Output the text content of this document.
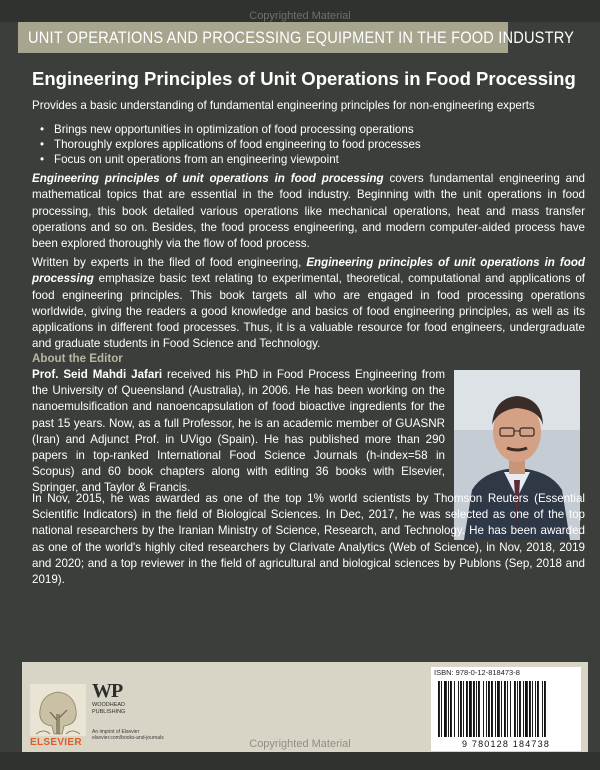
Copyrighted Material
UNIT OPERATIONS AND PROCESSING EQUIPMENT IN THE FOOD INDUSTRY
Engineering Principles of Unit Operations in Food Processing
Provides a basic understanding of fundamental engineering principles for non-engineering experts
• Brings new opportunities in optimization of food processing operations
• Thoroughly explores applications of food engineering to food processes
• Focus on unit operations from an engineering viewpoint
Engineering principles of unit operations in food processing covers fundamental engineering and mathematical topics that are essential in the food industry. Beginning with the unit operations in food processing, this book detailed various operations like mechanical operations, heat and mass transfer operations and so on. Besides, the food process engineering, and modern computer-aided process have been explored thoroughly via the flow of food process.
Written by experts in the filed of food engineering, Engineering principles of unit operations in food processing emphasize basic text relating to experimental, theoretical, computational and applications of food engineering principles. This book targets all who are engaged in food processing operations worldwide, giving the readers a good knowledge and basics of food engineering principles, as well as its applications in different food processes. Thus, it is a valuable resource for food engineers, undergraduate and graduate students in Food Science and Technology.
About the Editor
Prof. Seid Mahdi Jafari received his PhD in Food Process Engineering from the University of Queensland (Australia), in 2006. He has been working on the nanoemulsification and nanoencapsulation of food bioactive ingredients for the past 15 years. Now, as a full Professor, he is an academic member of GUASNR (Iran) and Adjunct Prof. in UVigo (Spain). He has published more than 290 papers in top-ranked International Food Science Journals (h-index=58 in Scopus) and 60 book chapters along with editing 36 books with Elsevier, Springer, and Taylor & Francis.
In Nov, 2015, he was awarded as one of the top 1% world scientists by Thomson Reuters (Essential Scientific Indicators) in the field of Biological Sciences. In Dec, 2017, he was selected as one of the top national researchers by the Iranian Ministry of Science, Research, and Technology. He has been awarded as one of the world's highly cited researchers by Clarivate Analytics (Web of Science), in Nov, 2018, 2019 and 2020; and a top reviewer in the field of agricultural and biological sciences by Publons (Sep, 2018 and 2019).
ELSEVIER
WP
WOODHEAD
PUBLISHING
An imprint of Elsevier
elsevier.com/books-and-journals
ISBN: 978-0-12-818473-8
9 780128 184738
Copyrighted Material
